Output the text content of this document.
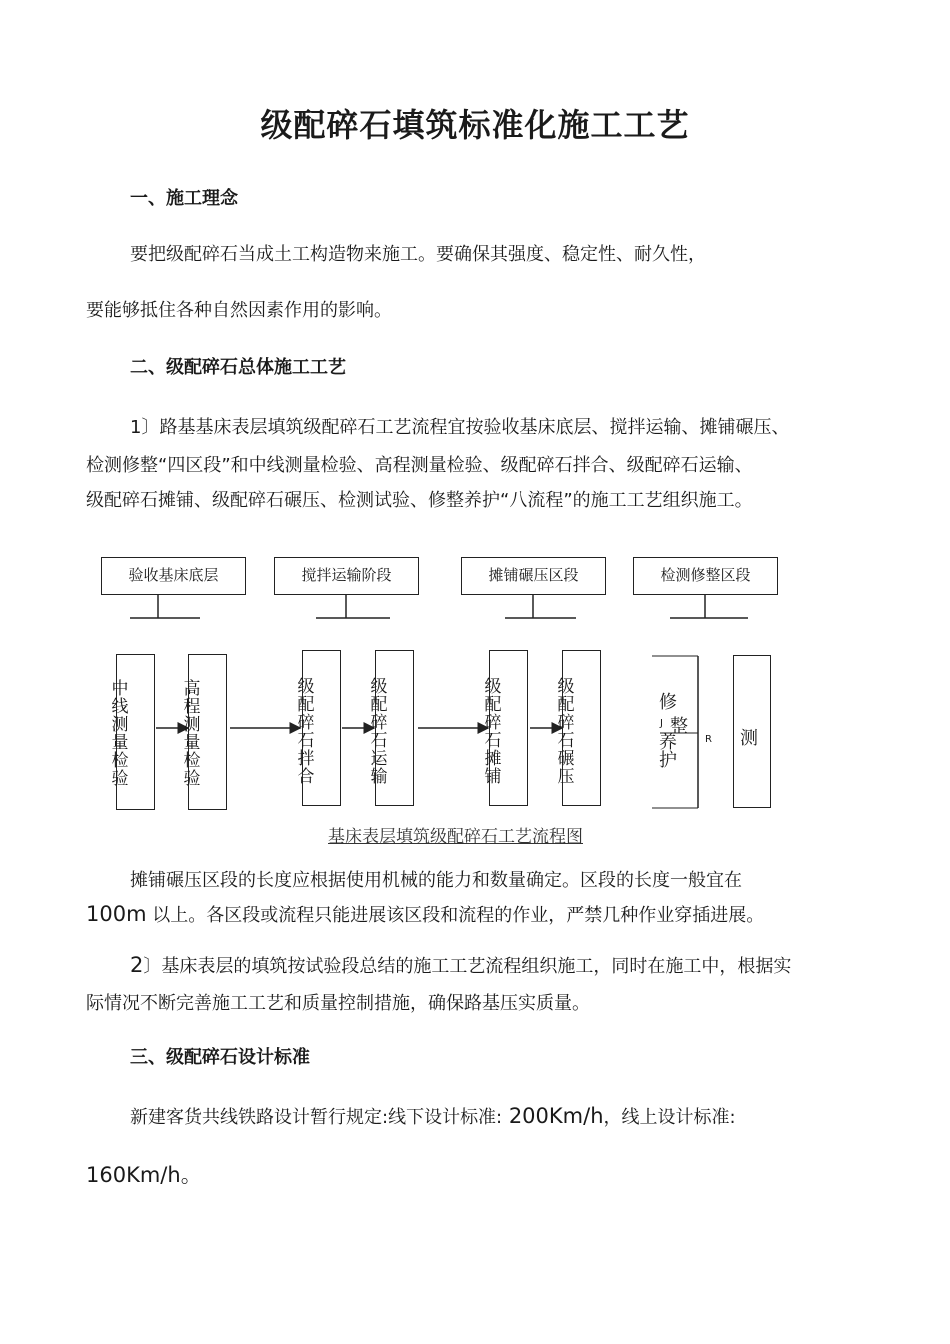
级配碎石填筑标准化施工工艺
一、施工理念
要把级配碎石当成土工构造物来施工。要确保其强度、稳定性、耐久性，
要能够抵住各种自然因素作用的影响。
二、级配碎石总体施工工艺
1〕路基基床表层填筑级配碎石工艺流程宜按验收基床底层、搅拌运输、摊铺碾压、
检测修整“四区段”和中线测量检验、高程测量检验、级配碎石拌合、级配碎石运输、
级配碎石摊铺、级配碎石碾压、检测试验、修整养护“八流程”的施工工艺组织施工。
验收基床底层	搅拌运输阶段	摊铺碾压区段	检测修整区段
中线测量检验
高程测量检验
级配碎石拌合
级配碎石运输
级配碎石摊铺
级配碎石碾压
修
J 整
养
护
R 测
基床表层填筑级配碎石工艺流程图
摊铺碾压区段的长度应根据使用机械的能力和数量确定。区段的长度一般宜在
100m 以上。各区段或流程只能进展该区段和流程的作业，严禁几种作业穿插进展。
2〕基床表层的填筑按试验段总结的施工工艺流程组织施工，同时在施工中，根据实
际情况不断完善施工工艺和质量控制措施，确保路基压实质量。
三、级配碎石设计标准
新建客货共线铁路设计暂行规定:线下设计标准: 200Km/h，线上设计标准:
160Km/h。
